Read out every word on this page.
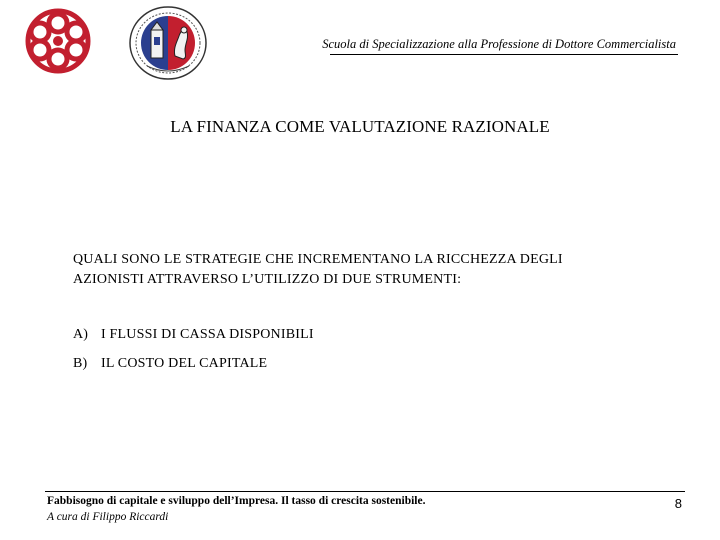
Scuola di Specializzazione alla Professione di Dottore Commercialista
LA FINANZA COME VALUTAZIONE RAZIONALE
QUALI SONO LE STRATEGIE CHE INCREMENTANO LA RICCHEZZA DEGLI
AZIONISTI ATTRAVERSO L’UTILIZZO DI DUE STRUMENTI:
A) I FLUSSI DI CASSA DISPONIBILI
B) IL COSTO DEL CAPITALE
Fabbisogno di capitale e sviluppo dell’Impresa. Il tasso di crescita sostenibile.
A cura di Filippo Riccardi
8
